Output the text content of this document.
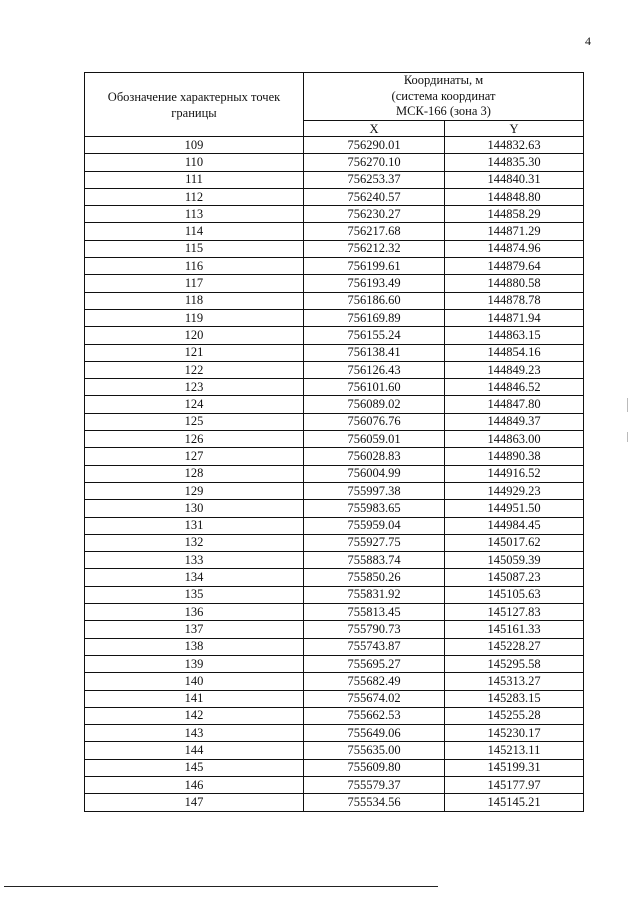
4
Обозначение характерных точек границы	Координаты, м
(система координат
МСК-166 (зона 3)	
	X	Y
109	756290.01	144832.63
110	756270.10	144835.30
111	756253.37	144840.31
112	756240.57	144848.80
113	756230.27	144858.29
114	756217.68	144871.29
115	756212.32	144874.96
116	756199.61	144879.64
117	756193.49	144880.58
118	756186.60	144878.78
119	756169.89	144871.94
120	756155.24	144863.15
121	756138.41	144854.16
122	756126.43	144849.23
123	756101.60	144846.52
124	756089.02	144847.80
125	756076.76	144849.37
126	756059.01	144863.00
127	756028.83	144890.38
128	756004.99	144916.52
129	755997.38	144929.23
130	755983.65	144951.50
131	755959.04	144984.45
132	755927.75	145017.62
133	755883.74	145059.39
134	755850.26	145087.23
135	755831.92	145105.63
136	755813.45	145127.83
137	755790.73	145161.33
138	755743.87	145228.27
139	755695.27	145295.58
140	755682.49	145313.27
141	755674.02	145283.15
142	755662.53	145255.28
143	755649.06	145230.17
144	755635.00	145213.11
145	755609.80	145199.31
146	755579.37	145177.97
147	755534.56	145145.21
